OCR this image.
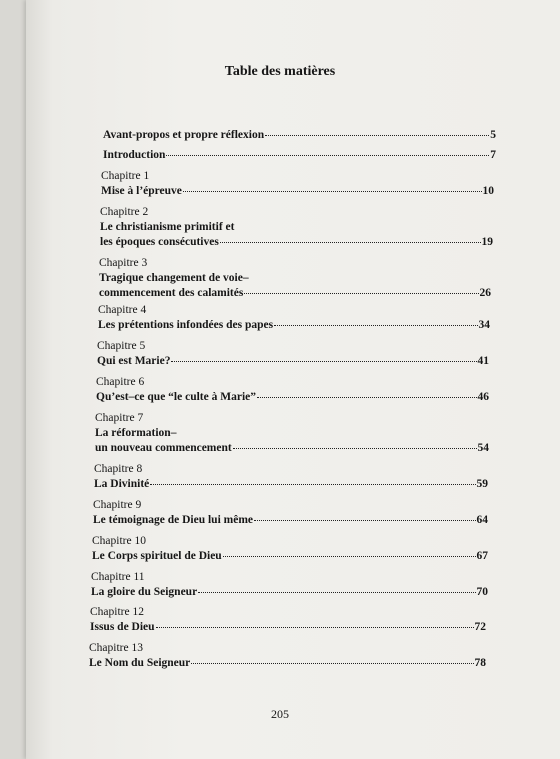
Table des matières
Avant-propos et propre réflexion	5
Introduction	7
Chapitre 1
Mise à l’épreuve	10
Chapitre 2
Le christianisme primitif et
les époques consécutives	19
Chapitre 3
Tragique changement de voie–
commencement des calamités	26
Chapitre 4
Les prétentions infondées des papes	34
Chapitre 5
Qui est Marie?	41
Chapitre 6
Qu’est–ce que “le culte à Marie”	46
Chapitre 7
La réformation–
un nouveau commencement	54
Chapitre 8
La Divinité	59
Chapitre 9
Le témoignage de Dieu lui même	64
Chapitre 10
Le Corps spirituel de Dieu	67
Chapitre 11
La gloire du Seigneur	70
Chapitre 12
Issus de Dieu	72
Chapitre 13
Le Nom du Seigneur	78
205
